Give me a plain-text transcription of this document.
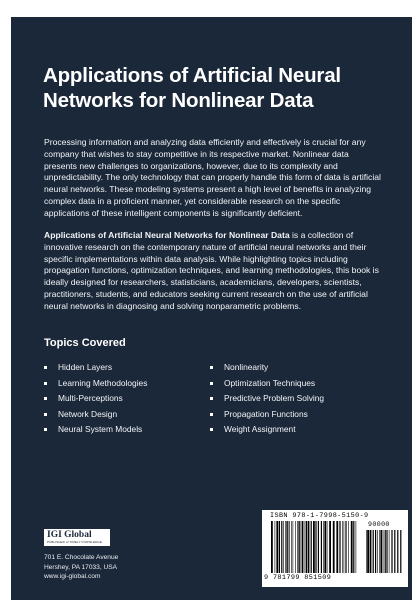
Applications of Artificial Neural
Networks for Nonlinear Data

Processing information and analyzing data efficiently and effectively is crucial for any company that wishes to stay competitive in its respective market. Nonlinear data presents new challenges to organizations, however, due to its complexity and unpredictability. The only technology that can properly handle this form of data is artificial neural networks. These modeling systems present a high level of benefits in analyzing complex data in a proficient manner, yet considerable research on the specific applications of these intelligent components is significantly deficient.

Applications of Artificial Neural Networks for Nonlinear Data is a collection of innovative research on the contemporary nature of artificial neural networks and their specific implementations within data analysis. While highlighting topics including propagation functions, optimization techniques, and learning methodologies, this book is ideally designed for researchers, statisticians, academicians, developers, scientists, practitioners, students, and educators seeking current research on the use of artificial neural networks in diagnosing and solving nonparametric problems.

Topics Covered
Hidden Layers
Learning Methodologies
Multi-Perceptions
Network Design
Neural System Models
Nonlinearity
Optimization Techniques
Predictive Problem Solving
Propagation Functions
Weight Assignment
IGI Global
PUBLISHER of TIMELY KNOWLEDGE

701 E. Chocolate Avenue
Hershey, PA 17033, USA
www.igi-global.com

ISBN 978-1-7998-5150-9
90000
9 781799 851509
